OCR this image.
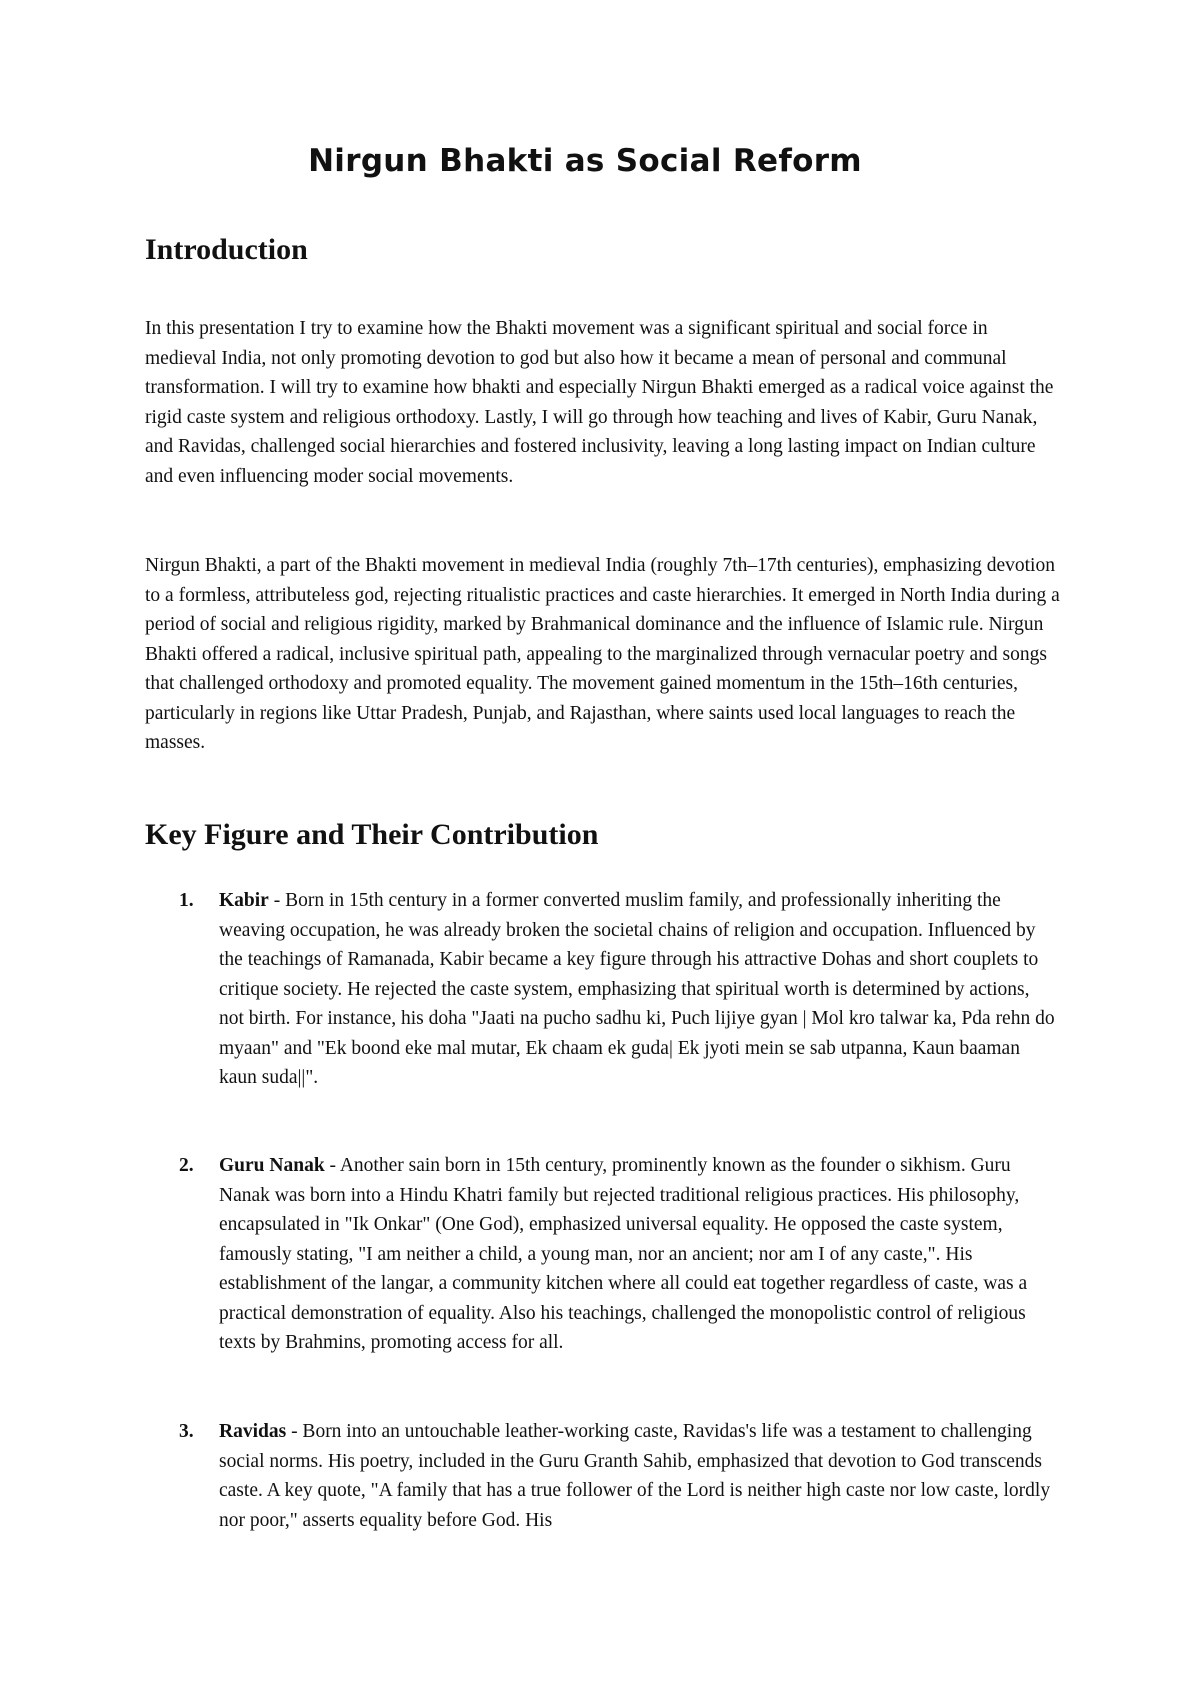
Nirgun Bhakti as Social Reform
Introduction

In this presentation I try to examine how the Bhakti movement was a significant spiritual and social force in medieval India, not only promoting devotion to god but also how it became a mean of personal and communal transformation. I will try to examine how bhakti and especially Nirgun Bhakti emerged as a radical voice against the rigid caste system and religious orthodoxy. Lastly, I will go through how teaching and lives of Kabir, Guru Nanak, and Ravidas, challenged social hierarchies and fostered inclusivity, leaving a long lasting impact on Indian culture and even influencing moder social movements.

Nirgun Bhakti, a part of the Bhakti movement in medieval India (roughly 7th–17th centuries), emphasizing devotion to a formless, attributeless god, rejecting ritualistic practices and caste hierarchies. It emerged in North India during a period of social and religious rigidity, marked by Brahmanical dominance and the influence of Islamic rule. Nirgun Bhakti offered a radical, inclusive spiritual path, appealing to the marginalized through vernacular poetry and songs that challenged orthodoxy and promoted equality. The movement gained momentum in the 15th–16th centuries, particularly in regions like Uttar Pradesh, Punjab, and Rajasthan, where saints used local languages to reach the masses.

Key Figure and Their Contribution
1. Kabir - Born in 15th century in a former converted muslim family, and professionally inheriting the weaving occupation, he was already broken the societal chains of religion and occupation. Influenced by the teachings of Ramanada, Kabir became a key figure through his attractive Dohas and short couplets to critique society. He rejected the caste system, emphasizing that spiritual worth is determined by actions, not birth. For instance, his doha "Jaati na pucho sadhu ki, Puch lijiye gyan | Mol kro talwar ka, Pda rehn do myaan" and "Ek boond eke mal mutar, Ek chaam ek guda| Ek jyoti mein se sab utpanna, Kaun baaman kaun suda||".

2. Guru Nanak - Another sain born in 15th century, prominently known as the founder o sikhism. Guru Nanak was born into a Hindu Khatri family but rejected traditional religious practices. His philosophy, encapsulated in "Ik Onkar" (One God), emphasized universal equality. He opposed the caste system, famously stating, "I am neither a child, a young man, nor an ancient; nor am I of any caste,". His establishment of the langar, a community kitchen where all could eat together regardless of caste, was a practical demonstration of equality. Also his teachings, challenged the monopolistic control of religious texts by Brahmins, promoting access for all.

3. Ravidas - Born into an untouchable leather-working caste, Ravidas's life was a testament to challenging social norms. His poetry, included in the Guru Granth Sahib, emphasized that devotion to God transcends caste. A key quote, "A family that has a true follower of the Lord is neither high caste nor low caste, lordly nor poor," asserts equality before God. His
